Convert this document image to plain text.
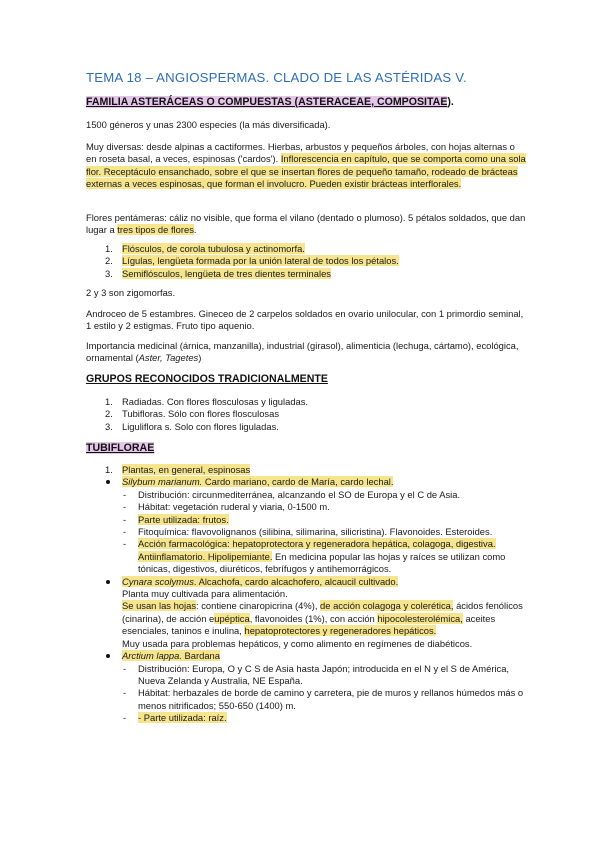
TEMA 18 – ANGIOSPERMAS. CLADO DE LAS ASTÉRIDAS V.
FAMILIA ASTERÁCEAS O COMPUESTAS (ASTERACEAE, COMPOSITAE).
1500 géneros y unas 2300 especies (la más diversificada).
Muy diversas: desde alpinas a cactiformes. Hierbas, arbustos y pequeños árboles, con hojas alternas o en roseta basal, a veces, espinosas ('cardos'). Inflorescencia en capítulo, que se comporta como una sola flor. Receptáculo ensanchado, sobre el que se insertan flores de pequeño tamaño, rodeado de brácteas externas a veces espinosas, que forman el involucro. Pueden existir brácteas interflorales.
Flores pentámeras: cáliz no visible, que forma el vilano (dentado o plumoso). 5 pétalos soldados, que dan lugar a tres tipos de flores.
1. Flósculos, de corola tubulosa y actinomorfa.
2. Lígulas, lengüeta formada por la unión lateral de todos los pétalos.
3. Semiflósculos, lengüeta de tres dientes terminales
2 y 3 son zigomorfas.
Androceo de 5 estambres. Gineceo de 2 carpelos soldados en ovario unilocular, con 1 primordio seminal, 1 estilo y 2 estigmas. Fruto tipo aquenio.
Importancia medicinal (árnica, manzanilla), industrial (girasol), alimenticia (lechuga, cártamo), ecológica, ornamental (Aster, Tagetes)
GRUPOS RECONOCIDOS TRADICIONALMENTE
1. Radiadas. Con flores flosculosas y liguladas.
2. Tubifloras. Sólo con flores flosculosas
3. Liguliflora s. Solo con flores liguladas.
TUBIFLORAE
1. Plantas, en general, espinosas
Silybum marianum. Cardo mariano, cardo de María, cardo lechal.
- Distribución: circunmediterránea, alcanzando el SO de Europa y el C de Asia.
- Hábitat: vegetación ruderal y viaria, 0-1500 m.
- Parte utilizada: frutos.
- Fitoquímica: flavovolignanos (silibina, silimarina, silicristina). Flavonoides. Esteroides.
- Acción farmacológica: hepatoprotectora y regeneradora hepática, colagoga, digestiva. Antiinflamatorio. Hipolipemiante. En medicina popular las hojas y raíces se utilizan como tónicas, digestivos, diuréticos, febrífugos y antihemorrágicos.
Cynara scolymus. Alcachofa, cardo alcachofero, alcaucil cultivado.
Planta muy cultivada para alimentación.
Se usan las hojas: contiene cinaropicrina (4%), de acción colagoga y colerética, ácidos fenólicos (cinarina), de acción eupéptica, flavonoides (1%), con acción hipocolesterolémica, aceites esenciales, taninos e inulina, hepatoprotectores y regeneradores hepáticos.
Muy usada para problemas hepáticos, y como alimento en regímenes de diabéticos.
Arctium lappa. Bardana
- Distribución: Europa, O y C S de Asia hasta Japón; introducida en el N y el S de América, Nueva Zelanda y Australia, NE España.
- Hábitat: herbazales de borde de camino y carretera, pie de muros y rellanos húmedos más o menos nitrificados; 550-650 (1400) m.
- - Parte utilizada: raíz.
